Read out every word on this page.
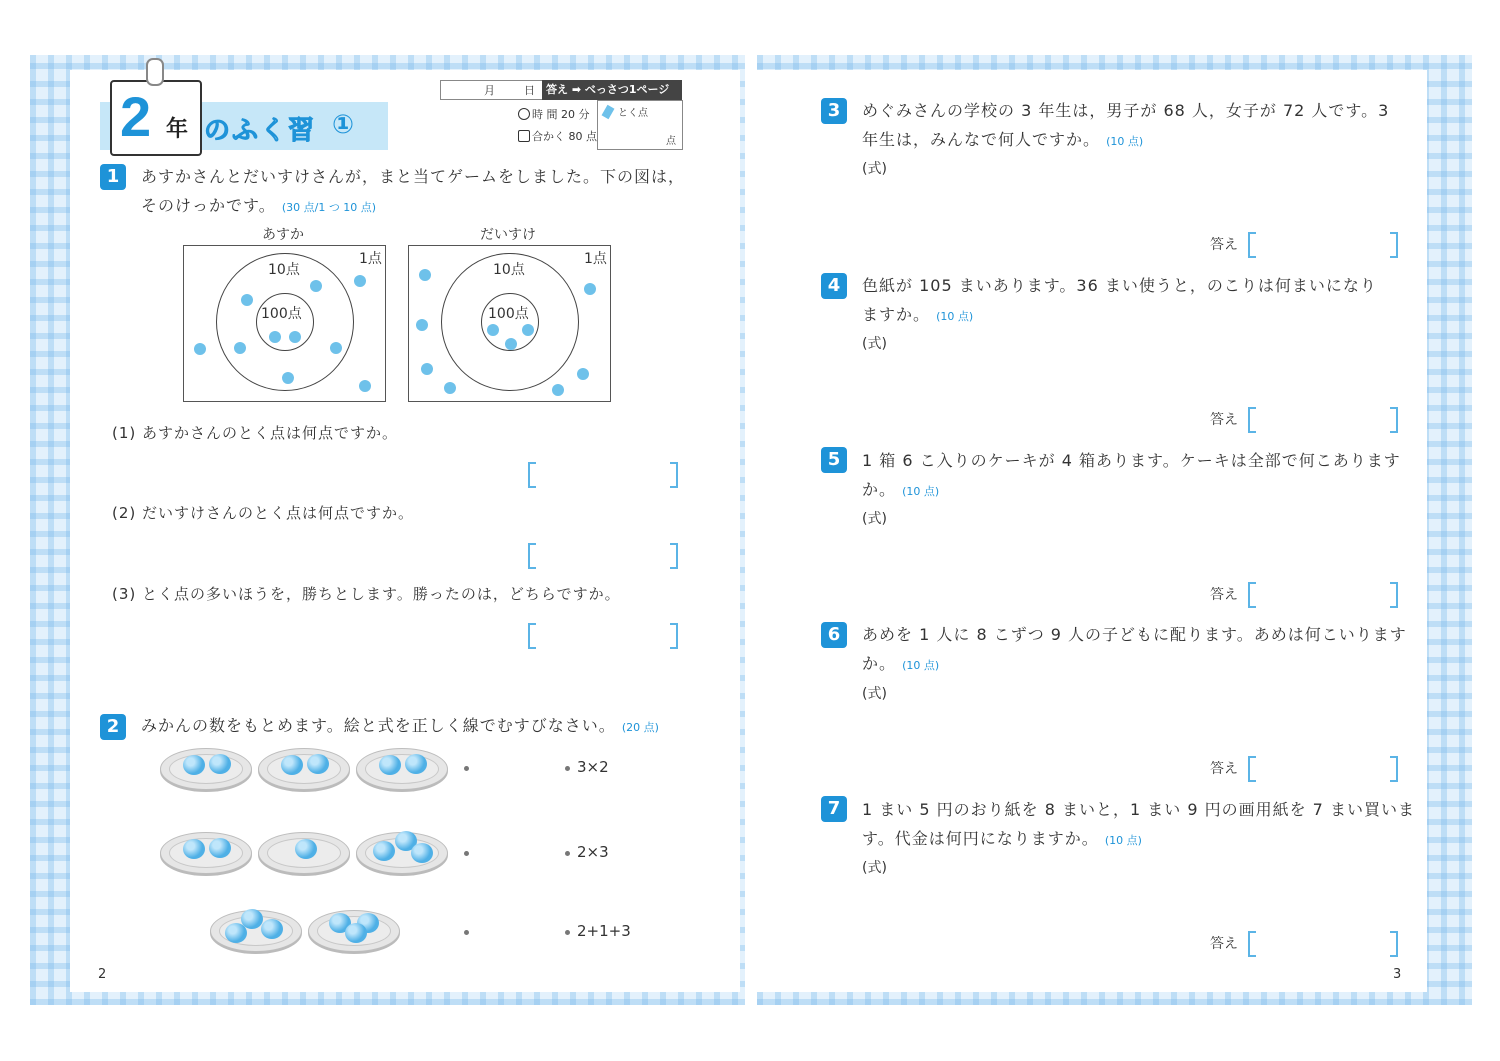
2 年 のふく習 ①
月	日	答え ➡ べっさつ1ページ
時 間 20 分
合かく 80 点
とく点
点
1	あすかさんとだいすけさんが，まと当てゲームをしました。下の図は，
そのけっかです。 (30 点/1 つ 10 点)
あすか
1点
10点
100点
だいすけ
1点
10点
100点
(1) あすかさんのとく点は何点ですか。
(2) だいすけさんのとく点は何点ですか。
(3) とく点の多いほうを，勝ちとします。勝ったのは，どちらですか。
2	みかんの数をもとめます。絵と式を正しく線でむすびなさい。 (20 点)
3×2
2×3
2+1+3
2
3	めぐみさんの学校の 3 年生は，男子が 68 人，女子が 72 人です。3
年生は，みんなで何人ですか。 (10 点)
(式)
答え
4	色紙が 105 まいあります。36 まい使うと，のこりは何まいになり
ますか。 (10 点)
(式)
答え
5	1 箱 6 こ入りのケーキが 4 箱あります。ケーキは全部で何こあります
か。 (10 点)
(式)
答え
6	あめを 1 人に 8 こずつ 9 人の子どもに配ります。あめは何こいります
か。 (10 点)
(式)
答え
7	1 まい 5 円のおり紙を 8 まいと，1 まい 9 円の画用紙を 7 まい買いま
す。代金は何円になりますか。 (10 点)
(式)
答え
3
